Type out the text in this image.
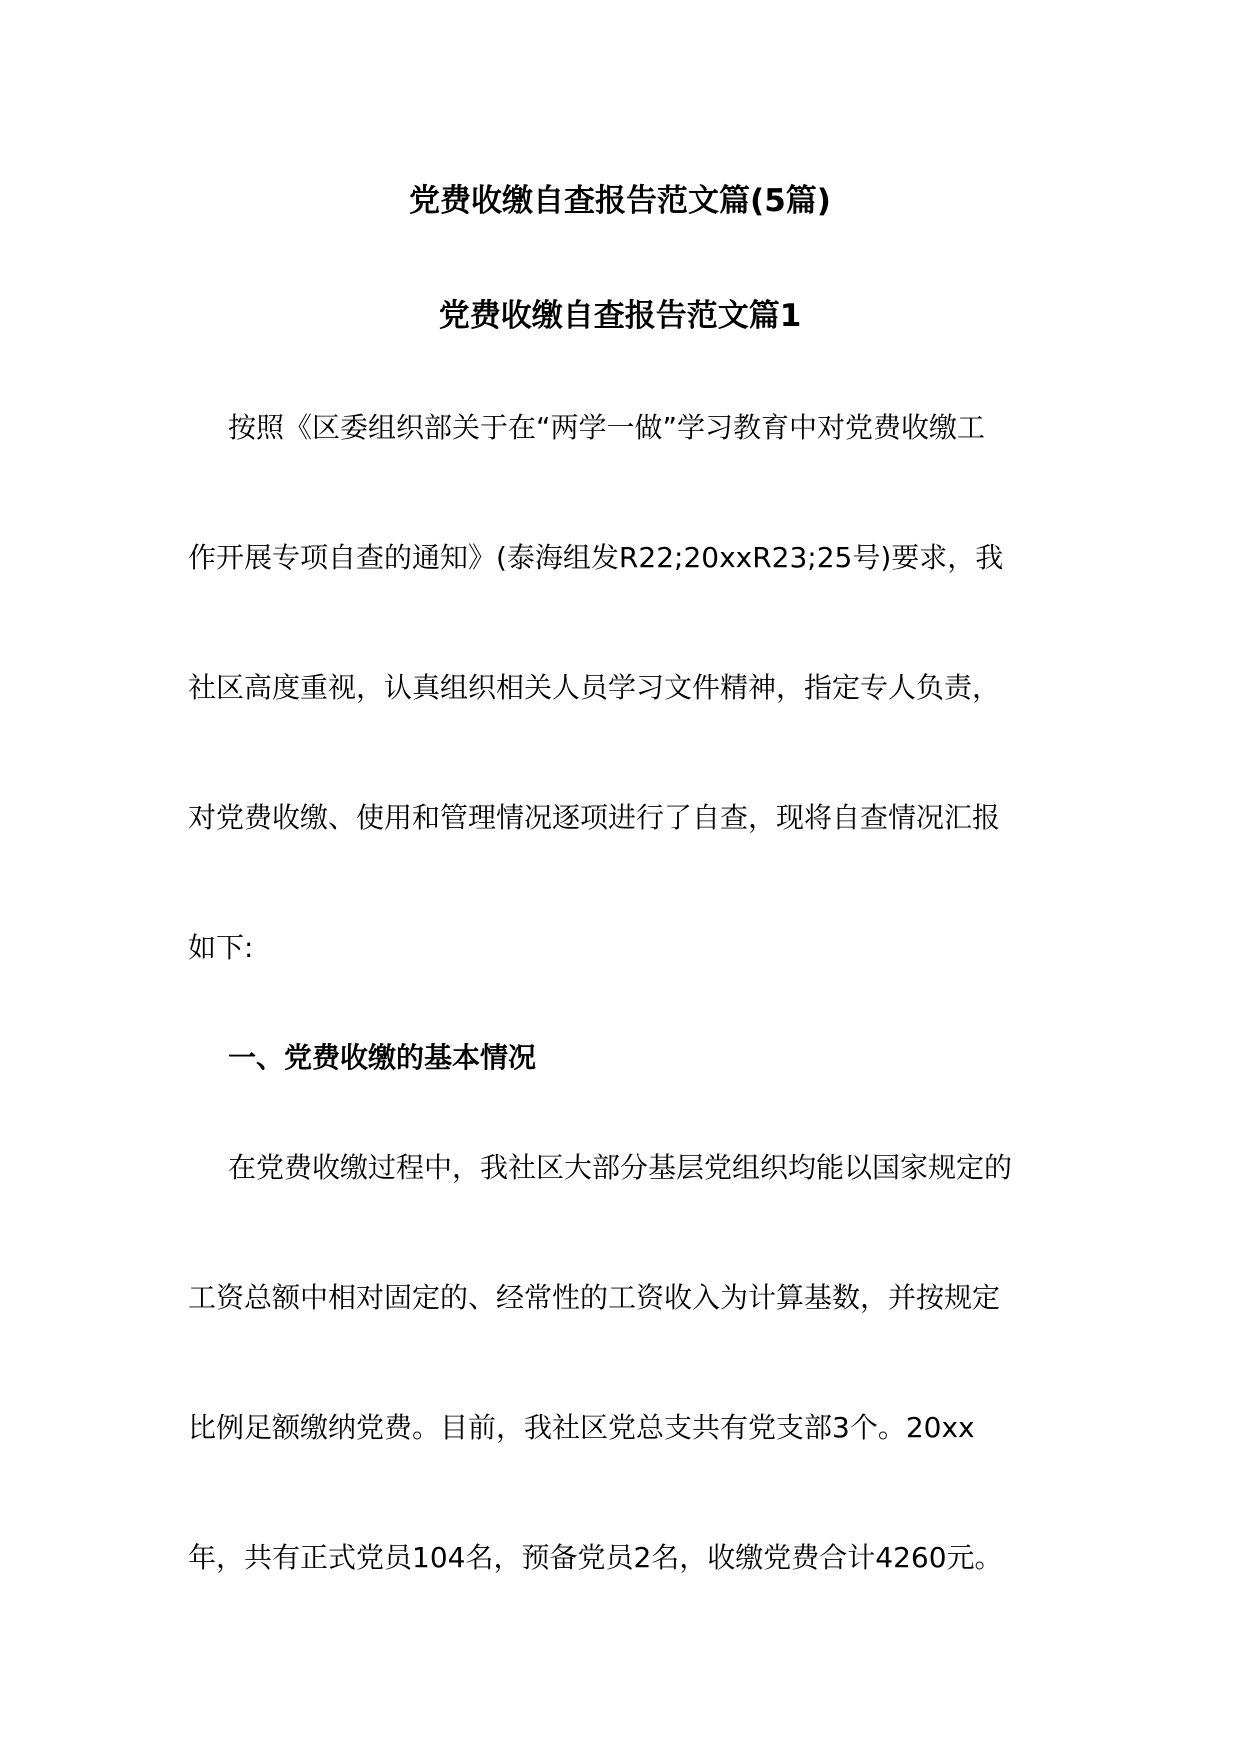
党费收缴自查报告范文篇(5篇)
党费收缴自查报告范文篇1
按照《区委组织部关于在“两学一做”学习教育中对党费收缴工
作开展专项自查的通知》(泰海组发R22;20xxR23;25号)要求，我
社区高度重视，认真组织相关人员学习文件精神，指定专人负责，
对党费收缴、使用和管理情况逐项进行了自查，现将自查情况汇报
如下:
一、党费收缴的基本情况
在党费收缴过程中，我社区大部分基层党组织均能以国家规定的
工资总额中相对固定的、经常性的工资收入为计算基数，并按规定
比例足额缴纳党费。目前，我社区党总支共有党支部3个。20xx
年，共有正式党员104名，预备党员2名，收缴党费合计4260元。
